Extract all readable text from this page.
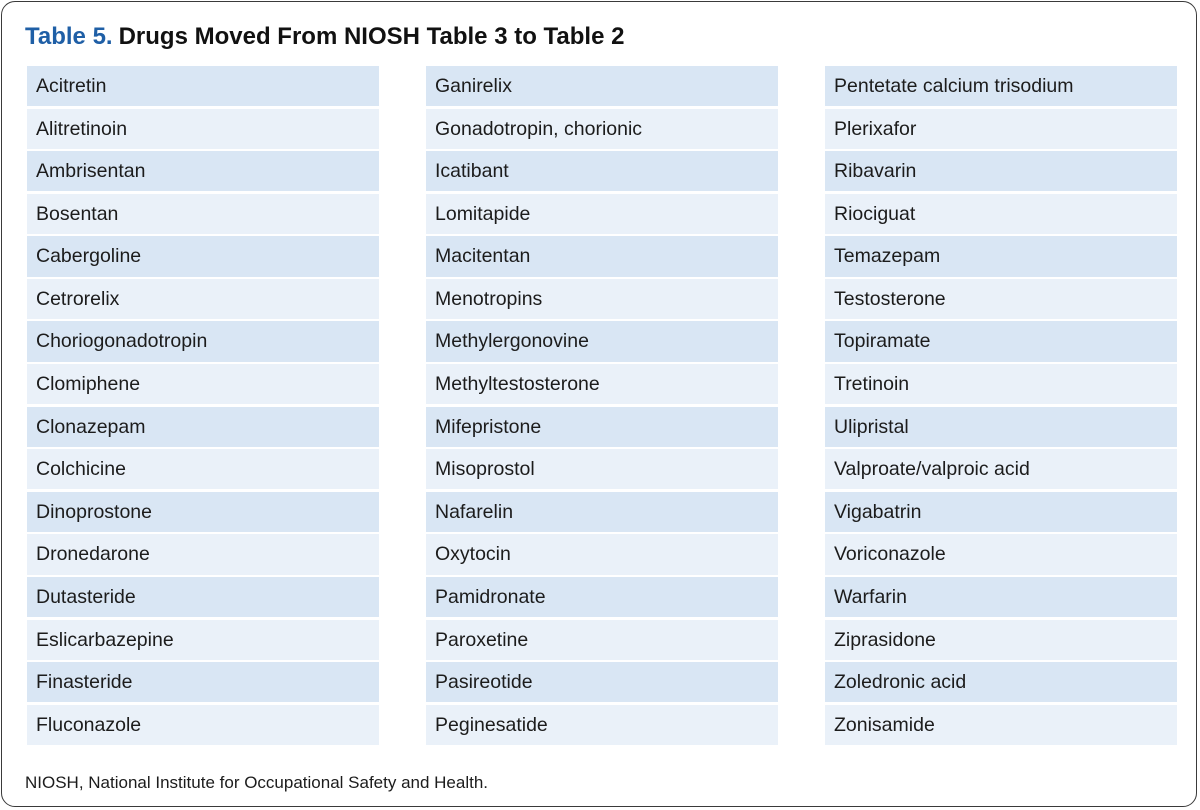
Table 5. Drugs Moved From NIOSH Table 3 to Table 2
Acitretin
Alitretinoin
Ambrisentan
Bosentan
Cabergoline
Cetrorelix
Choriogonadotropin
Clomiphene
Clonazepam
Colchicine
Dinoprostone
Dronedarone
Dutasteride
Eslicarbazepine
Finasteride
Fluconazole
Ganirelix
Gonadotropin, chorionic
Icatibant
Lomitapide
Macitentan
Menotropins
Methylergonovine
Methyltestosterone
Mifepristone
Misoprostol
Nafarelin
Oxytocin
Pamidronate
Paroxetine
Pasireotide
Peginesatide
Pentetate calcium trisodium
Plerixafor
Ribavarin
Riociguat
Temazepam
Testosterone
Topiramate
Tretinoin
Ulipristal
Valproate/valproic acid
Vigabatrin
Voriconazole
Warfarin
Ziprasidone
Zoledronic acid
Zonisamide

NIOSH, National Institute for Occupational Safety and Health.
